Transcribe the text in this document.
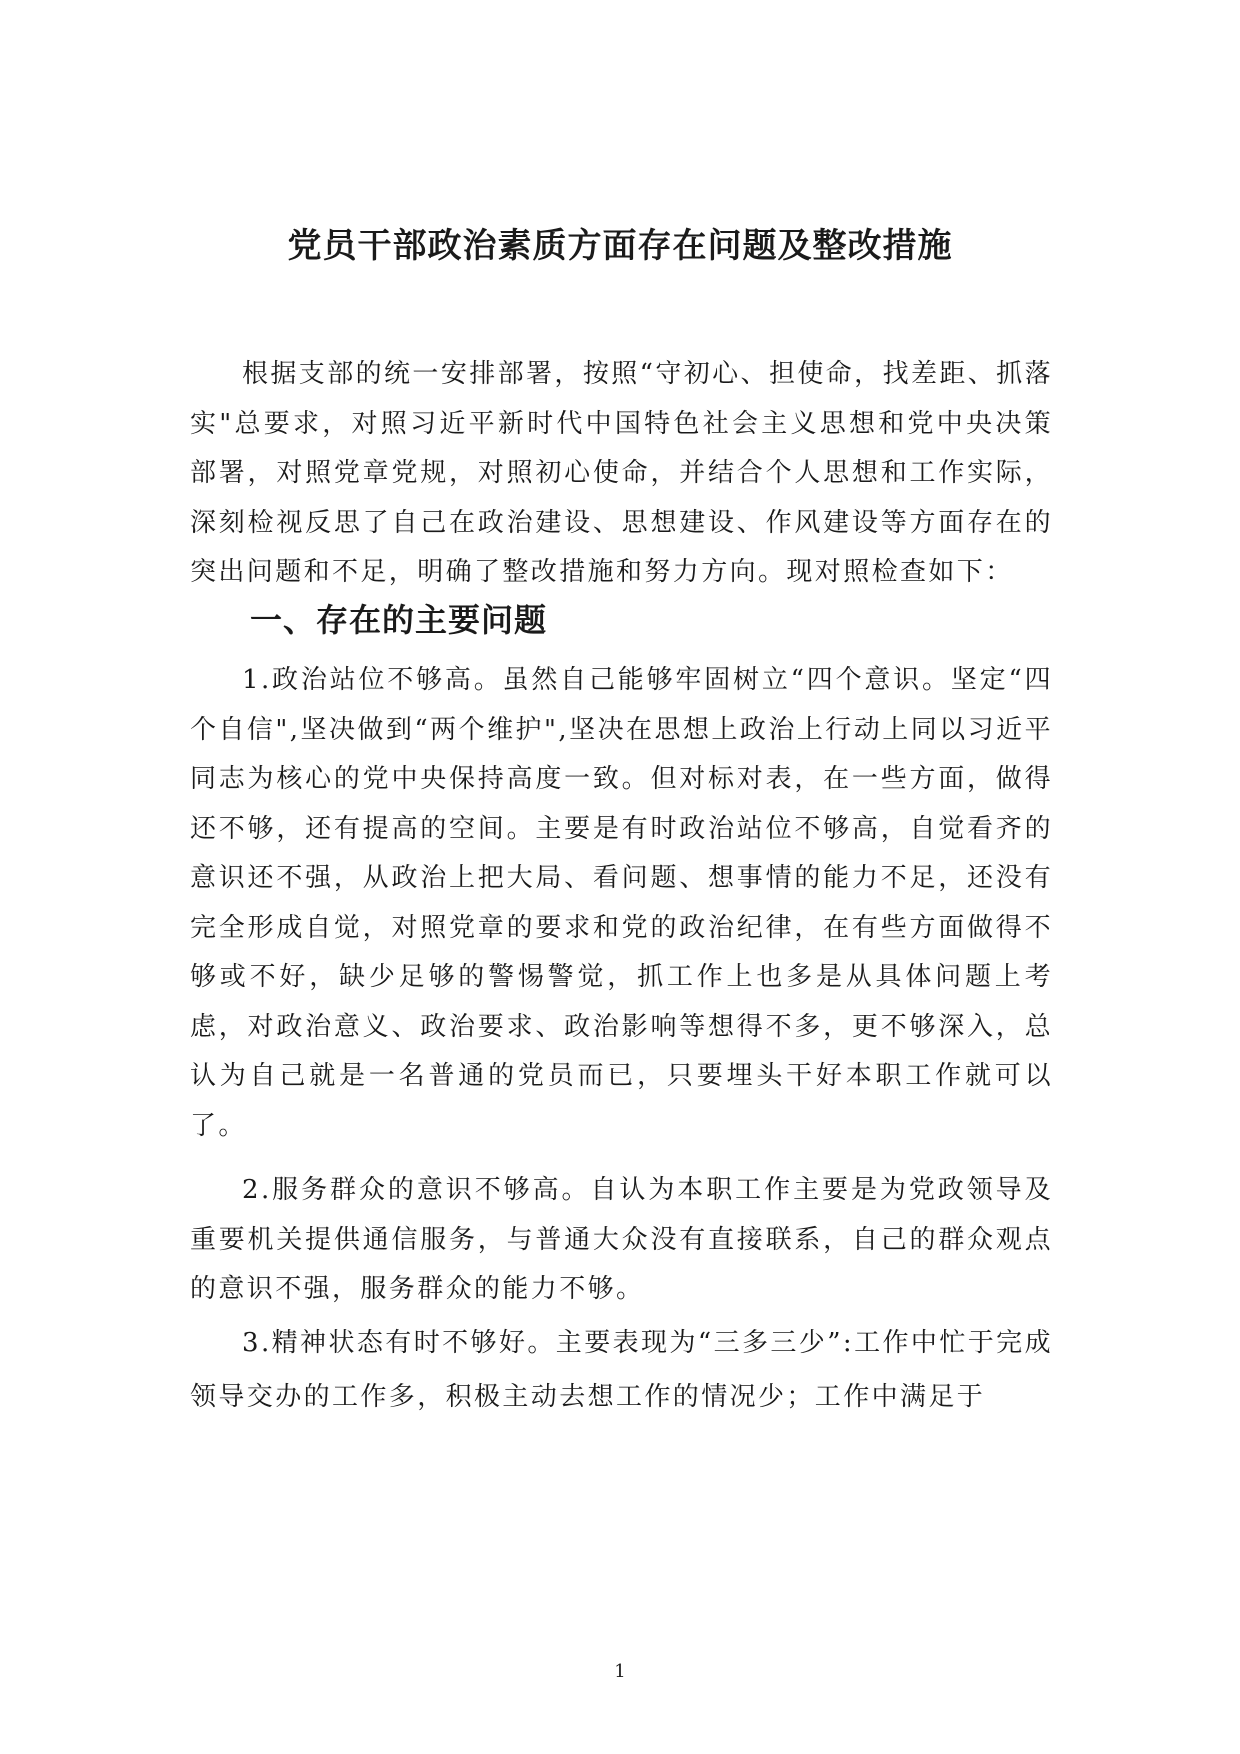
党员干部政治素质方面存在问题及整改措施

根据支部的统一安排部署，按照“守初心、担使命，找差距、抓落实"总要求，对照习近平新时代中国特色社会主义思想和党中央决策部署，对照党章党规，对照初心使命，并结合个人思想和工作实际，深刻检视反思了自己在政治建设、思想建设、作风建设等方面存在的突出问题和不足，明确了整改措施和努力方向。现对照检查如下：

一、存在的主要问题

1.政治站位不够高。虽然自己能够牢固树立“四个意识。坚定“四个自信",坚决做到“两个维护",坚决在思想上政治上行动上同以习近平同志为核心的党中央保持高度一致。但对标对表，在一些方面，做得还不够，还有提高的空间。主要是有时政治站位不够高，自觉看齐的意识还不强，从政治上把大局、看问题、想事情的能力不足，还没有完全形成自觉，对照党章的要求和党的政治纪律，在有些方面做得不够或不好，缺少足够的警惕警觉，抓工作上也多是从具体问题上考虑，对政治意义、政治要求、政治影响等想得不多，更不够深入，总认为自己就是一名普通的党员而已，只要埋头干好本职工作就可以了。

2.服务群众的意识不够高。自认为本职工作主要是为党政领导及重要机关提供通信服务，与普通大众没有直接联系，自己的群众观点的意识不强，服务群众的能力不够。

3.精神状态有时不够好。主要表现为“三多三少”:工作中忙于完成领导交办的工作多，积极主动去想工作的情况少；工作中满足于

1
